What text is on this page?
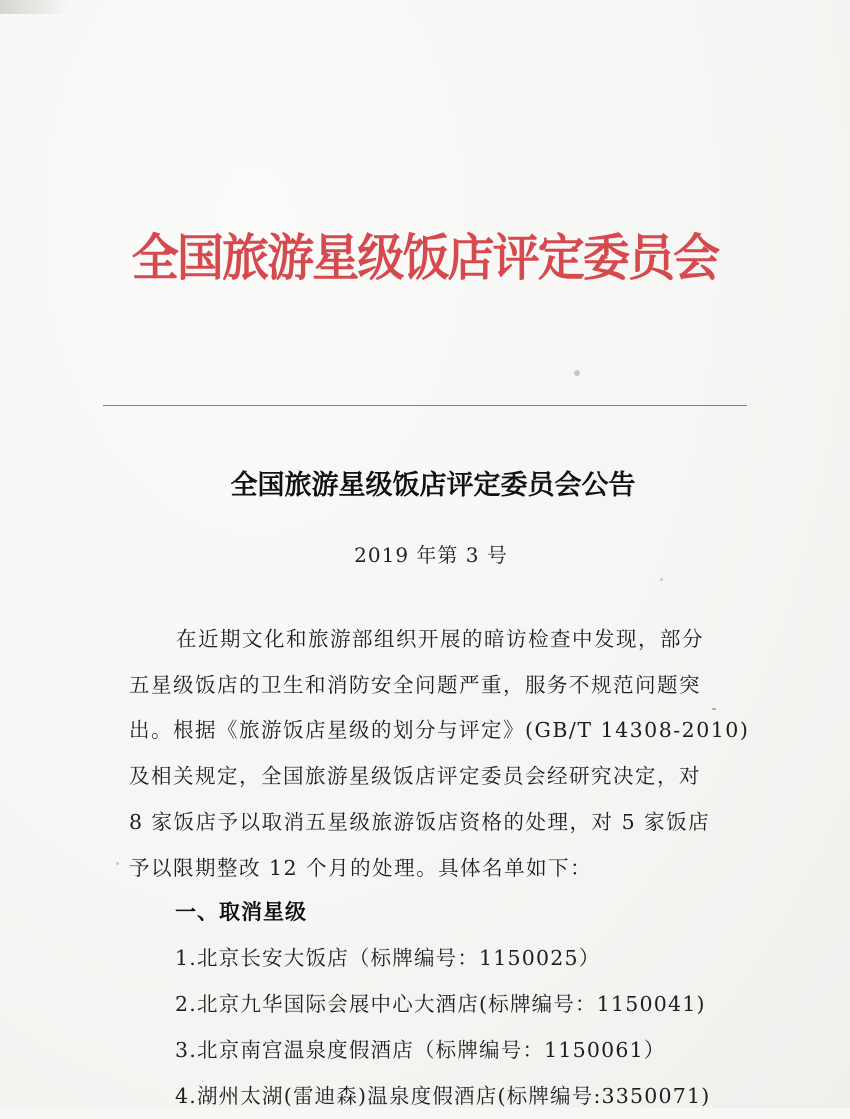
全国旅游星级饭店评定委员会
全国旅游星级饭店评定委员会公告
2019 年第 3 号
在近期文化和旅游部组织开展的暗访检查中发现，部分
五星级饭店的卫生和消防安全问题严重，服务不规范问题突
出。根据《旅游饭店星级的划分与评定》(GB/T 14308-2010)
及相关规定，全国旅游星级饭店评定委员会经研究决定，对
8 家饭店予以取消五星级旅游饭店资格的处理，对 5 家饭店
予以限期整改 12 个月的处理。具体名单如下：
一、取消星级
1.北京长安大饭店（标牌编号：1150025）
2.北京九华国际会展中心大酒店(标牌编号：1150041)
3.北京南宫温泉度假酒店（标牌编号：1150061）
4.湖州太湖(雷迪森)温泉度假酒店(标牌编号:3350071)
